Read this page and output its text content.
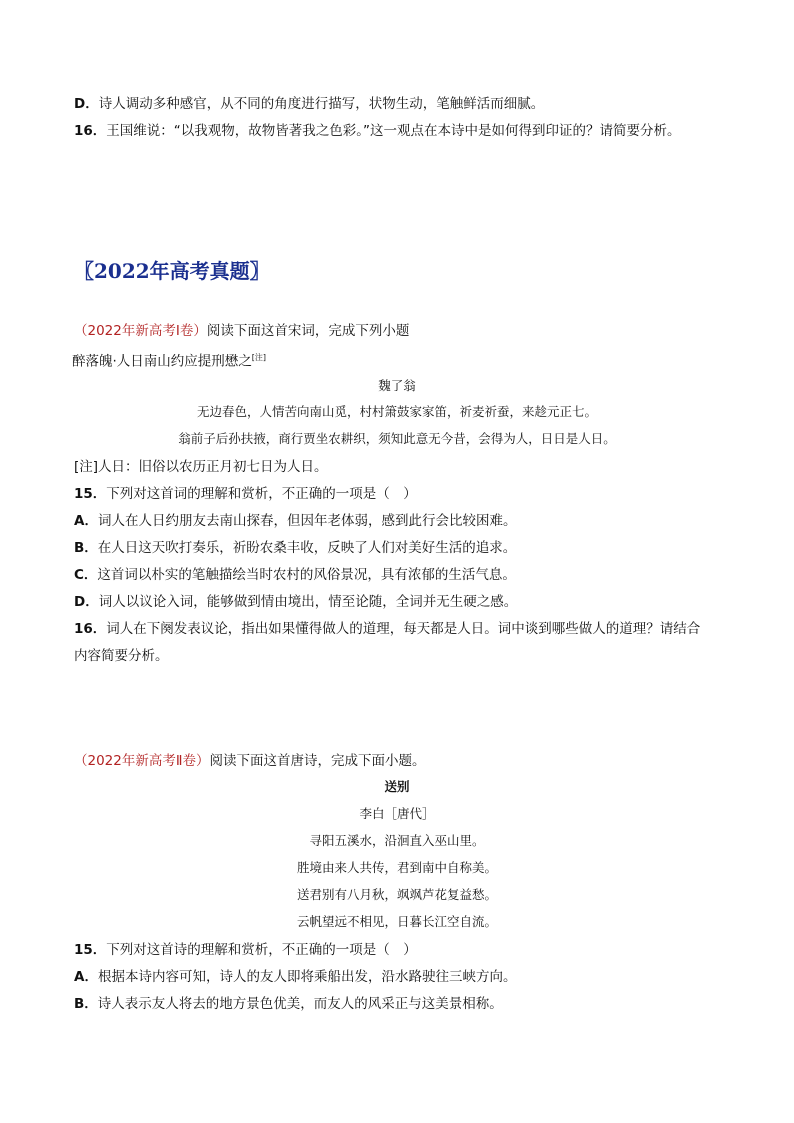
D．诗人调动多种感官，从不同的角度进行描写，状物生动，笔触鲜活而细腻。
16．王国维说：“以我观物，故物皆著我之色彩。”这一观点在本诗中是如何得到印证的？请简要分析。
〖2022年高考真题〗
（2022年新高考Ⅰ卷）阅读下面这首宋词，完成下列小题
醉落魄·人日南山约应提刑懋之[注]
魏了翁
无边春色，人情苦向南山觅，村村箫鼓家家笛，祈麦祈蚕，来趁元正七。
翁前子后孙扶掖，商行贾坐农耕织，须知此意无今昔，会得为人，日日是人日。
[注]人日：旧俗以农历正月初七日为人日。
15．下列对这首词的理解和赏析，不正确的一项是（　）
A．词人在人日约朋友去南山探春，但因年老体弱，感到此行会比较困难。
B．在人日这天吹打奏乐，祈盼农桑丰收，反映了人们对美好生活的追求。
C．这首词以朴实的笔触描绘当时农村的风俗景况，具有浓郁的生活气息。
D．词人以议论入词，能够做到情由境出，情至论随，全词并无生硬之感。
16．词人在下阕发表议论，指出如果懂得做人的道理，每天都是人日。词中谈到哪些做人的道理？请结合
内容简要分析。
（2022年新高考Ⅱ卷）阅读下面这首唐诗，完成下面小题。
送别
李白［唐代］
寻阳五溪水，沿洄直入巫山里。
胜境由来人共传，君到南中自称美。
送君别有八月秋，飒飒芦花复益愁。
云帆望远不相见，日暮长江空自流。
15．下列对这首诗的理解和赏析，不正确的一项是（　）
A．根据本诗内容可知，诗人的友人即将乘船出发，沿水路驶往三峡方向。
B．诗人表示友人将去的地方景色优美，而友人的风采正与这美景相称。
